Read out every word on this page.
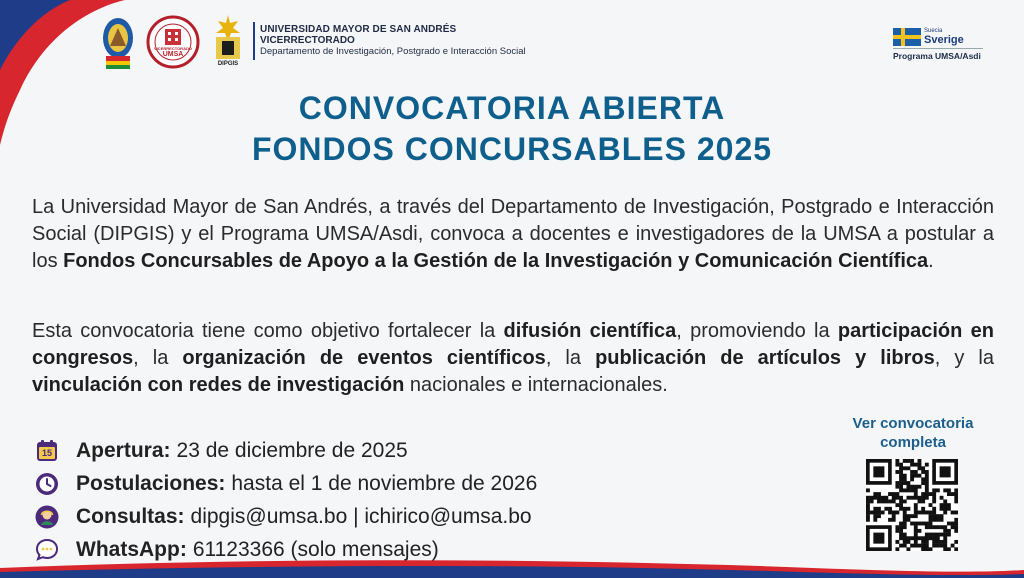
VICERRECTORADO
UMSA
DIPGIS
UNIVERSIDAD MAYOR DE SAN ANDRÉS
VICERRECTORADO
Departamento de Investigación, Postgrado e Interacción Social
Suecia
Sverige
Programa UMSA/Asdi
CONVOCATORIA ABIERTA
FONDOS CONCURSABLES 2025
La Universidad Mayor de San Andrés, a través del Departamento de Investigación, Postgrado e Interacción Social (DIPGIS) y el Programa UMSA/Asdi, convoca a docentes e investigadores de la UMSA a postular a los Fondos Concursables de Apoyo a la Gestión de la Investigación y Comunicación Científica.
Esta convocatoria tiene como objetivo fortalecer la difusión científica, promoviendo la participación en congresos, la organización de eventos científicos, la publicación de artículos y libros, y la vinculación con redes de investigación nacionales e internacionales.
15	Apertura: 23 de diciembre de 2025
Postulaciones: hasta el 1 de noviembre de 2026
Consultas: dipgis@umsa.bo | ichirico@umsa.bo
WhatsApp: 61123366 (solo mensajes)
Ver convocatoria
completa
